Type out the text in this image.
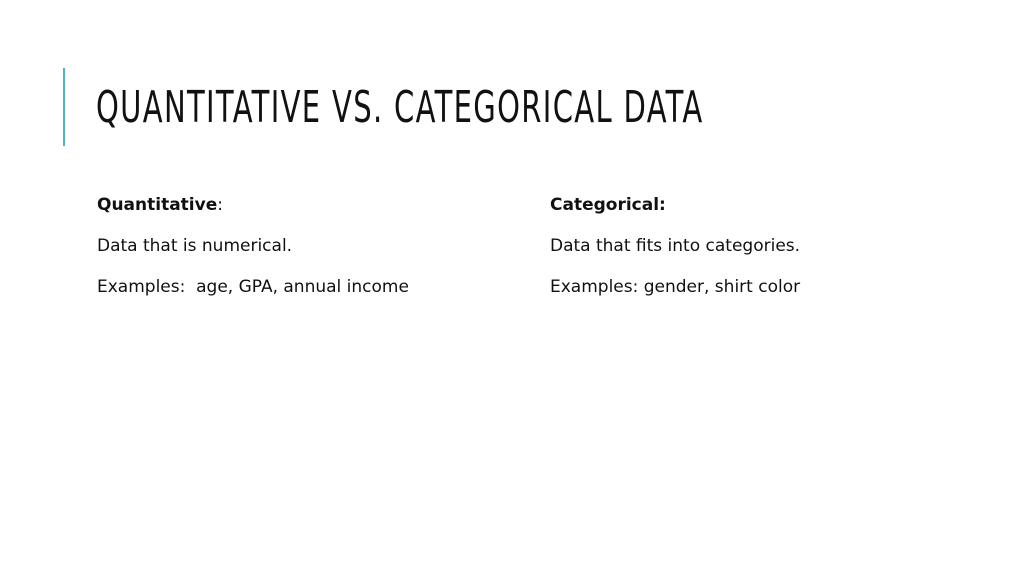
QUANTITATIVE VS. CATEGORICAL DATA

Quantitative:

Data that is numerical.

Examples:  age, GPA, annual income

Categorical:

Data that fits into categories.

Examples: gender, shirt color
